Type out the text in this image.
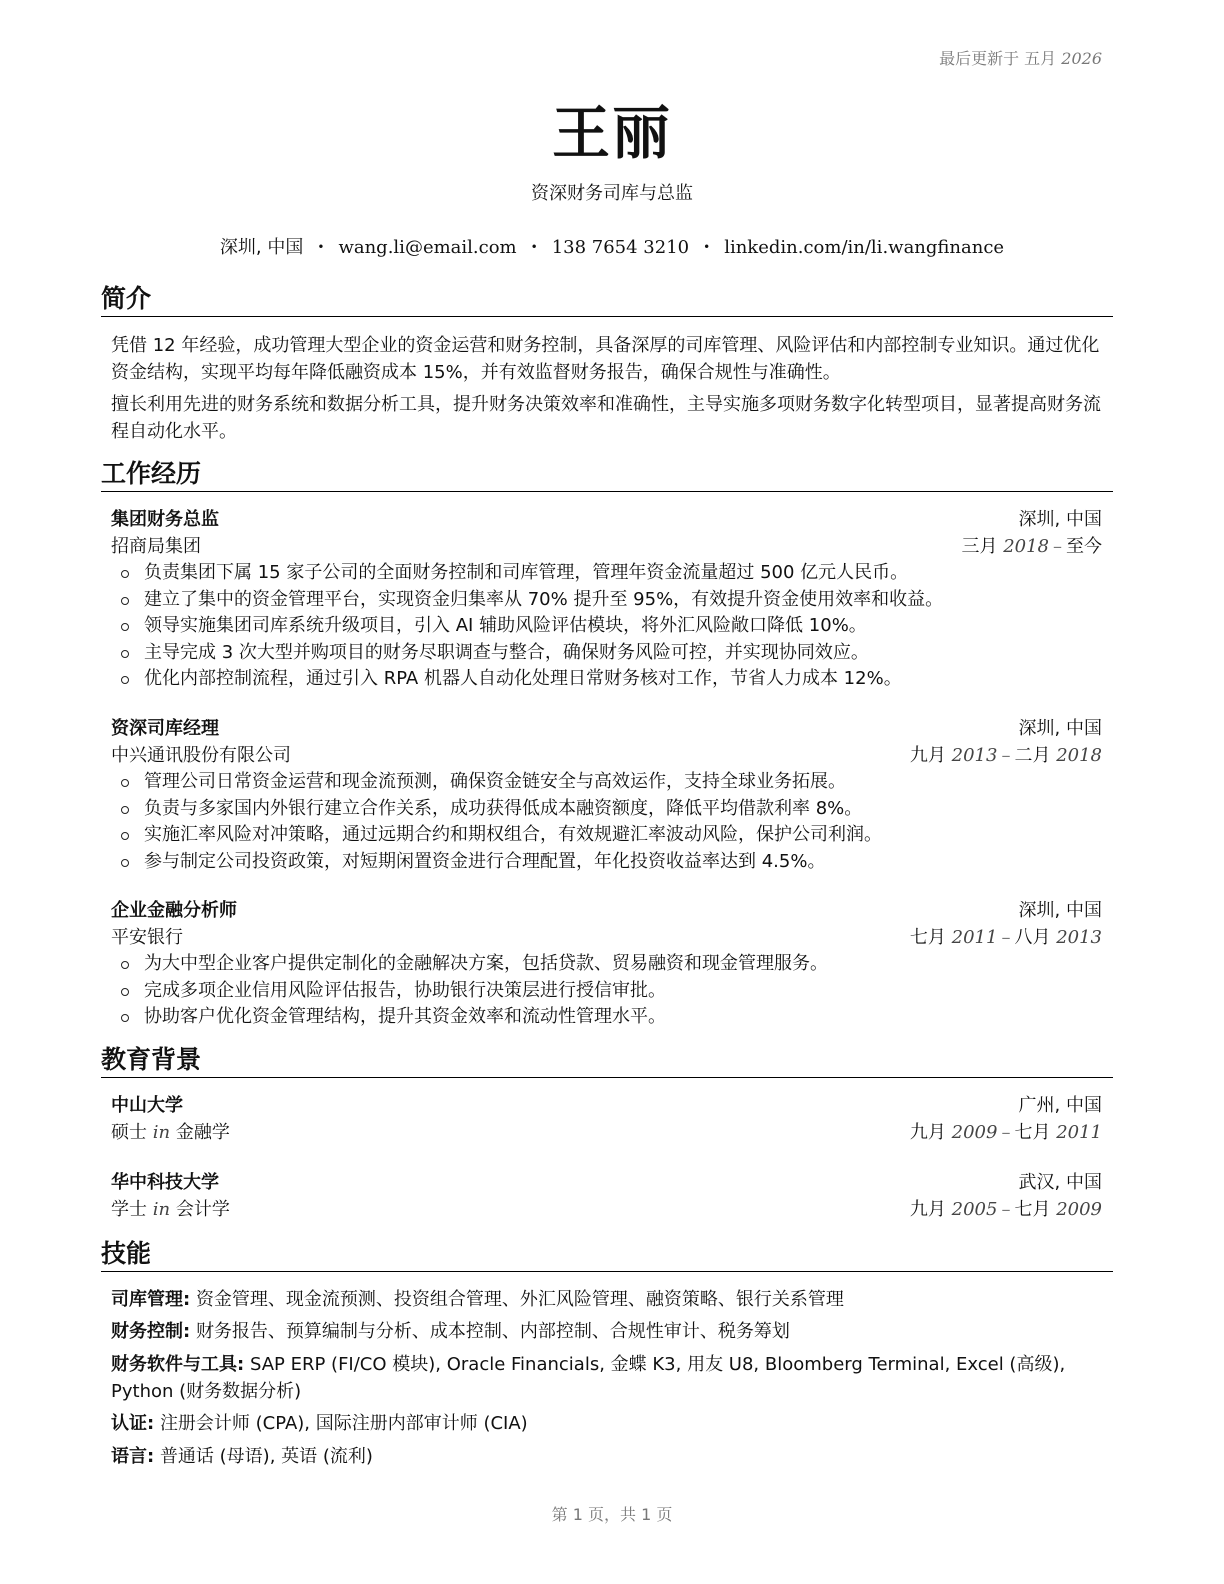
最后更新于 五月 2026
王丽
资深财务司库与总监
深圳, 中国 • wang.li@email.com • 138 7654 3210 • linkedin.com/in/li.wangfinance
简介
凭借 12 年经验，成功管理大型企业的资金运营和财务控制，具备深厚的司库管理、风险评估和内部控制专业知识。通过优化资金结构，实现平均每年降低融资成本 15%，并有效监督财务报告，确保合规性与准确性。
擅长利用先进的财务系统和数据分析工具，提升财务决策效率和准确性，主导实施多项财务数字化转型项目，显著提高财务流程自动化水平。
工作经历
集团财务总监	深圳, 中国
招商局集团	三月 2018 – 至今
负责集团下属 15 家子公司的全面财务控制和司库管理，管理年资金流量超过 500 亿元人民币。
建立了集中的资金管理平台，实现资金归集率从 70% 提升至 95%，有效提升资金使用效率和收益。
领导实施集团司库系统升级项目，引入 AI 辅助风险评估模块，将外汇风险敞口降低 10%。
主导完成 3 次大型并购项目的财务尽职调查与整合，确保财务风险可控，并实现协同效应。
优化内部控制流程，通过引入 RPA 机器人自动化处理日常财务核对工作，节省人力成本 12%。
资深司库经理	深圳, 中国
中兴通讯股份有限公司	九月 2013 – 二月 2018
管理公司日常资金运营和现金流预测，确保资金链安全与高效运作，支持全球业务拓展。
负责与多家国内外银行建立合作关系，成功获得低成本融资额度，降低平均借款利率 8%。
实施汇率风险对冲策略，通过远期合约和期权组合，有效规避汇率波动风险，保护公司利润。
参与制定公司投资政策，对短期闲置资金进行合理配置，年化投资收益率达到 4.5%。
企业金融分析师	深圳, 中国
平安银行	七月 2011 – 八月 2013
为大中型企业客户提供定制化的金融解决方案，包括贷款、贸易融资和现金管理服务。
完成多项企业信用风险评估报告，协助银行决策层进行授信审批。
协助客户优化资金管理结构，提升其资金效率和流动性管理水平。
教育背景
中山大学	广州, 中国
硕士 in 金融学	九月 2009 – 七月 2011
华中科技大学	武汉, 中国
学士 in 会计学	九月 2005 – 七月 2009
技能
司库管理: 资金管理、现金流预测、投资组合管理、外汇风险管理、融资策略、银行关系管理
财务控制: 财务报告、预算编制与分析、成本控制、内部控制、合规性审计、税务筹划
财务软件与工具: SAP ERP (FI/CO 模块), Oracle Financials, 金蝶 K3, 用友 U8, Bloomberg Terminal, Excel (高级), Python (财务数据分析)
认证: 注册会计师 (CPA), 国际注册内部审计师 (CIA)
语言: 普通话 (母语), 英语 (流利)
第 1 页，共 1 页
